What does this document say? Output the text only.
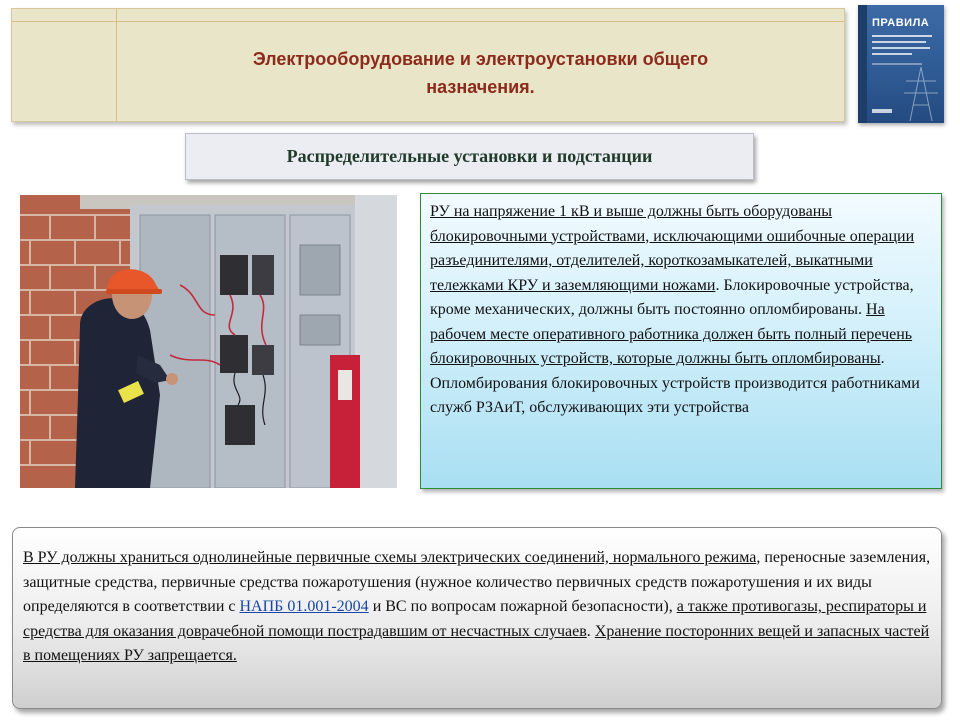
Электрооборудование и электроустановки общего
назначения.
ПРАВИЛА
Распределительные установки и подстанции
РУ на напряжение 1 кВ и выше должны быть оборудованы блокировочными устройствами, исключающими ошибочные операции разъединителями, отделителей, короткозамыкателей, выкатными тележками КРУ и заземляющими ножами. Блокировочные устройства, кроме механических, должны быть постоянно опломбированы. На рабочем месте оперативного работника должен быть полный перечень блокировочных устройств, которые должны быть опломбированы. Опломбирования блокировочных устройств производится работниками служб РЗАиТ, обслуживающих эти устройства
В РУ должны храниться однолинейные первичные схемы электрических соединений, нормального режима, переносные заземления, защитные средства, первичные средства пожаротушения (нужное количество первичных средств пожаротушения и их виды определяются в соответствии с НАПБ 01.001-2004 и ВС по вопросам пожарной безопасности), а также противогазы, респираторы и средства для оказания доврачебной помощи пострадавшим от несчастных случаев. Хранение посторонних вещей и запасных частей в помещениях РУ запрещается.
